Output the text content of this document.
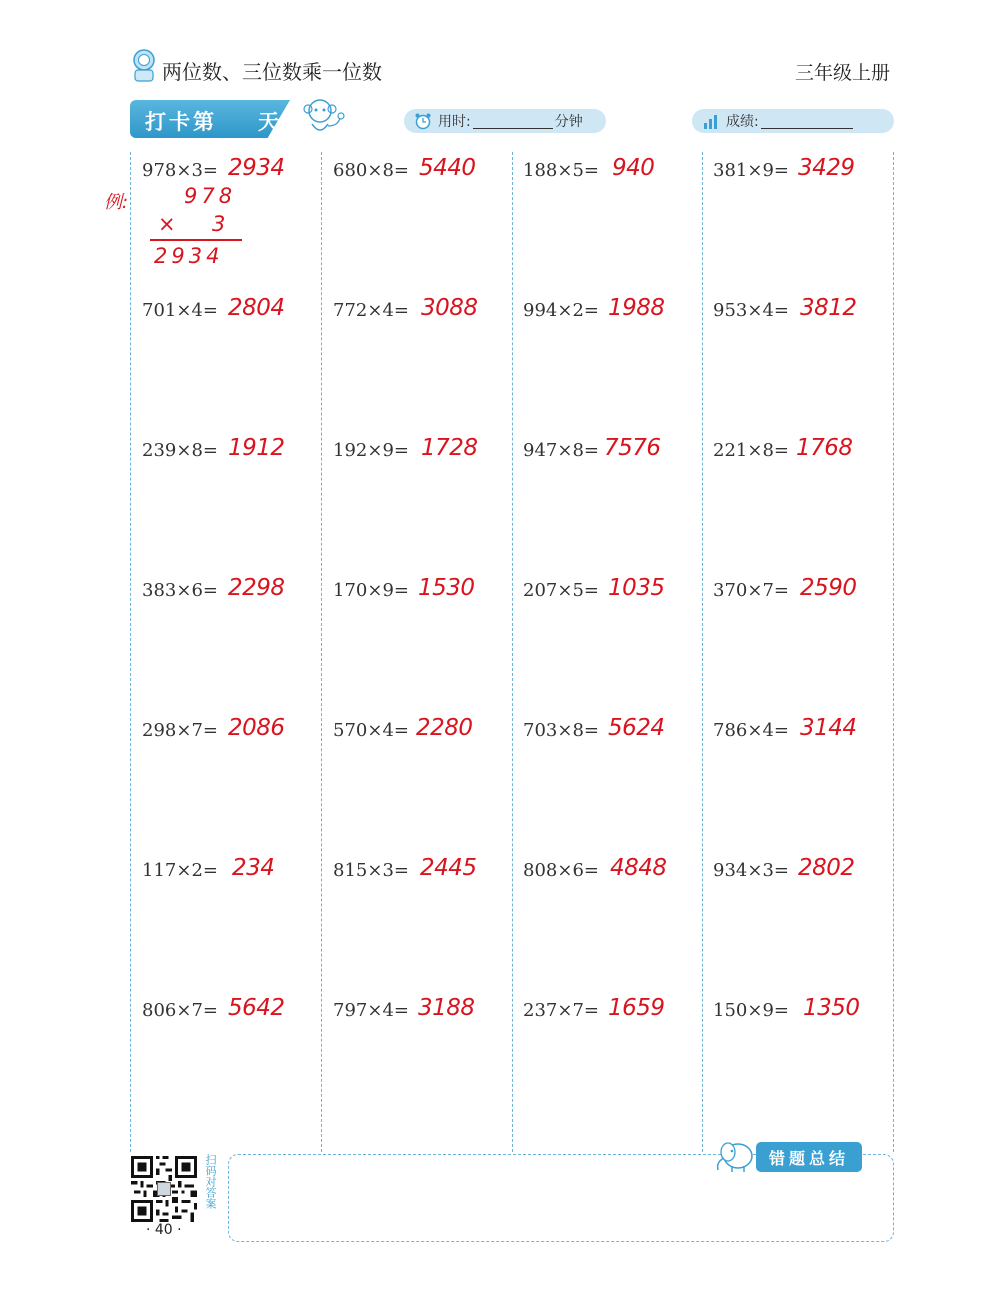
两位数、三位数乘一位数	三年级上册
打卡第 天	用时:	分钟	成绩:
978×3= 2934
701×4= 2804
239×8= 1912
383×6= 2298
298×7= 2086
117×2= 234
806×7= 5642
例:	978
× 3
2934
680×8= 5440
772×4= 3088
192×9= 1728
170×9= 1530
570×4= 2280
815×3= 2445
797×4= 3188
188×5= 940
994×2= 1988
947×8= 7576
207×5= 1035
703×8= 5624
808×6= 4848
237×7= 1659
381×9= 3429
953×4= 3812
221×8= 1768
370×7= 2590
786×4= 3144
934×3= 2802
150×9= 1350
错题总结
扫码对答案
· 40 ·
